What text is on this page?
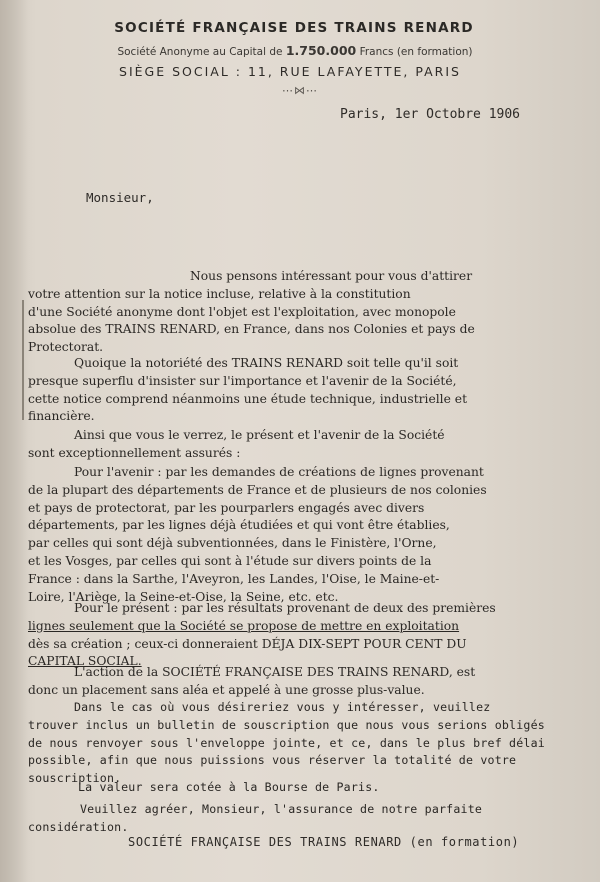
SOCIÉTÉ FRANÇAISE DES TRAINS RENARD
Société Anonyme au Capital de 1.750.000 Francs (en formation)
SIÈGE SOCIAL : 11, RUE LAFAYETTE, PARIS
⋯⋈⋯
Paris, 1er Octobre 1906
Monsieur,
Nous pensons intéressant pour vous d'attirer
votre attention sur la notice incluse, relative à la constitution
d'une Société anonyme dont l'objet est l'exploitation, avec monopole
absolue des TRAINS RENARD, en France, dans nos Colonies et pays de
Protectorat.
Quoique la notoriété des TRAINS RENARD soit telle qu'il soit
presque superflu d'insister sur l'importance et l'avenir de la Société,
cette notice comprend néanmoins une étude technique, industrielle et
financière.
Ainsi que vous le verrez, le présent et l'avenir de la Société
sont exceptionnellement assurés :
Pour l'avenir : par les demandes de créations de lignes provenant
de la plupart des départements de France et de plusieurs de nos colonies
et pays de protectorat, par les pourparlers engagés avec divers
départements, par les lignes déjà étudiées et qui vont être établies,
par celles qui sont déjà subventionnées, dans le Finistère, l'Orne,
et les Vosges, par celles qui sont à l'étude sur divers points de la
France : dans la Sarthe, l'Aveyron, les Landes, l'Oise, le Maine-et-
Loire, l'Ariège, la Seine-et-Oise, la Seine, etc. etc.
Pour le présent : par les résultats provenant de deux des premières
lignes seulement que la Société se propose de mettre en exploitation
dès sa création ; ceux-ci donneraient DÉJA DIX-SEPT POUR CENT DU
CAPITAL SOCIAL.
L'action de la SOCIÉTÉ FRANÇAISE DES TRAINS RENARD, est
donc un placement sans aléa et appelé à une grosse plus-value.
Dans le cas où vous désireriez vous y intéresser, veuillez
trouver inclus un bulletin de souscription que nous vous serions obligés
de nous renvoyer sous l'enveloppe jointe, et ce, dans le plus bref délai
possible, afin que nous puissions vous réserver la totalité de votre
souscription.
La valeur sera cotée à la Bourse de Paris.
Veuillez agréer, Monsieur, l'assurance de notre parfaite
considération.
SOCIÉTÉ FRANÇAISE DES TRAINS RENARD (en formation)
